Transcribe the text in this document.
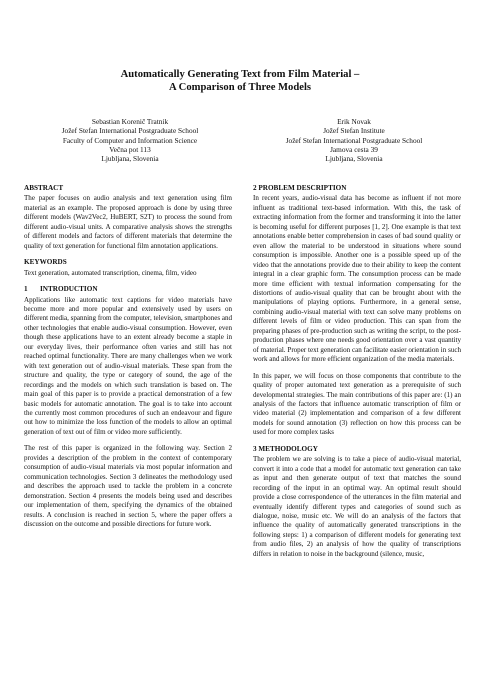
Automatically Generating Text from Film Material –
A Comparison of Three Models
Sebastian Korenič Tratnik
Jožef Stefan International Postgraduate School
Faculty of Computer and Information Science
Večna pot 113
Ljubljana, Slovenia
Erik Novak
Jožef Stefan Institute
Jožef Stefan International Postgraduate School
Jamova cesta 39
Ljubljana, Slovenia
ABSTRACT

The paper focuses on audio analysis and text generation using film material as an example. The proposed approach is done by using three different models (Wav2Vec2, HuBERT, S2T) to process the sound from different audio-visual units. A comparative analysis shows the strengths of different models and factors of different materials that determine the quality of text generation for functional film annotation applications.

KEYWORDS

Text generation, automated transcription, cinema, film, video

1 INTRODUCTION

Applications like automatic text captions for video materials have become more and more popular and extensively used by users on different media, spanning from the computer, television, smartphones and other technologies that enable audio-visual consumption. However, even though these applications have to an extent already become a staple in our everyday lives, their performance often varies and still has not reached optimal functionality. There are many challenges when we work with text generation out of audio-visual materials. These span from the structure and quality, the type or category of sound, the age of the recordings and the models on which such translation is based on. The main goal of this paper is to provide a practical demonstration of a few basic models for automatic annotation. The goal is to take into account the currently most common procedures of such an endeavour and figure out how to minimize the loss function of the models to allow an optimal generation of text out of film or video more sufficiently.

The rest of this paper is organized in the following way. Section 2 provides a description of the problem in the context of contemporary consumption of audio-visual materials via most popular information and communication technologies. Section 3 delineates the methodology used and describes the approach used to tackle the problem in a concrete demonstration. Section 4 presents the models being used and describes our implementation of them, specifying the dynamics of the obtained results. A conclusion is reached in section 5, where the paper offers a discussion on the outcome and possible directions for future work.

2 PROBLEM DESCRIPTION

In recent years, audio-visual data has become as influent if not more influent as traditional text-based information. With this, the task of extracting information from the former and transforming it into the latter is becoming useful for different purposes [1, 2]. One example is that text annotations enable better comprehension in cases of bad sound quality or even allow the material to be understood in situations where sound consumption is impossible. Another one is a possible speed up of the video that the annotations provide due to their ability to keep the content integral in a clear graphic form. The consumption process can be made more time efficient with textual information compensating for the distortions of audio-visual quality that can be brought about with the manipulations of playing options. Furthermore, in a general sense, combining audio-visual material with text can solve many problems on different levels of film or video production. This can span from the preparing phases of pre-production such as writing the script, to the post-production phases where one needs good orientation over a vast quantity of material. Proper text generation can facilitate easier orientation in such work and allows for more efficient organization of the media materials.

In this paper, we will focus on those components that contribute to the quality of proper automated text generation as a prerequisite of such developmental strategies. The main contributions of this paper are: (1) an analysis of the factors that influence automatic transcription of film or video material (2) implementation and comparison of a few different models for sound annotation (3) reflection on how this process can be used for more complex tasks

3 METHODOLOGY

The problem we are solving is to take a piece of audio-visual material, convert it into a code that a model for automatic text generation can take as input and then generate output of text that matches the sound recording of the input in an optimal way. An optimal result should provide a close correspondence of the utterances in the film material and eventually identify different types and categories of sound such as dialogue, noise, music etc. We will do an analysis of the factors that influence the quality of automatically generated transcriptions in the following steps: 1) a comparison of different models for generating text from audio files, 2) an analysis of how the quality of transcriptions differs in relation to noise in the background (silence, music,
